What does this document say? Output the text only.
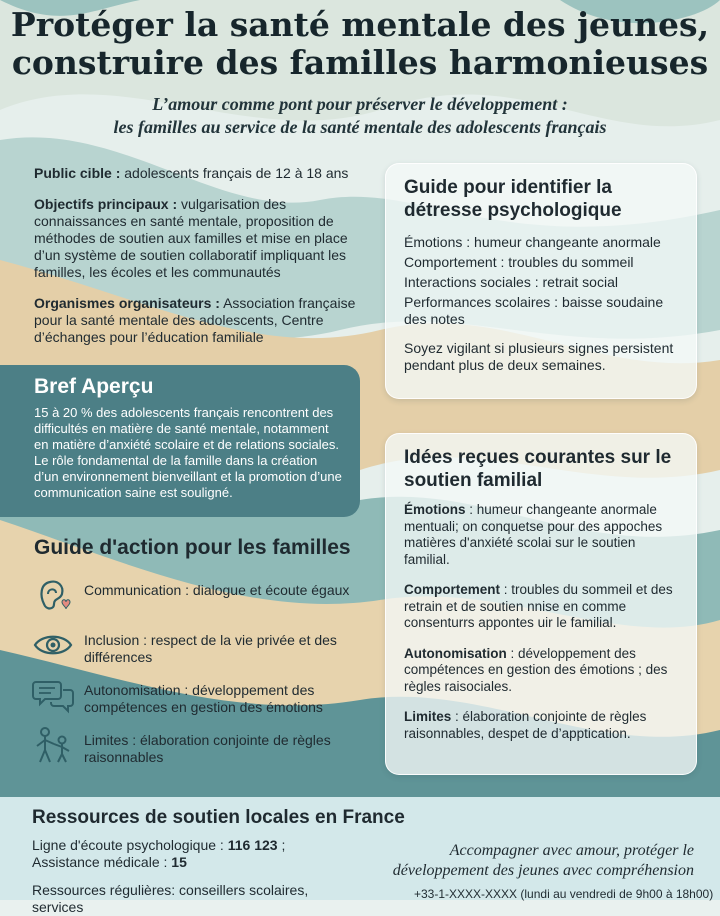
Protéger la santé mentale des jeunes,
construire des familles harmonieuses
L’amour comme pont pour préserver le développement :
les familles au service de la santé mentale des adolescents français

Public cible : adolescents français de 12 à 18 ans

Objectifs principaux : vulgarisation des connaissances en santé mentale, proposition de méthodes de soutien aux familles et mise en place d’un système de soutien collaboratif impliquant les familles, les écoles et les communautés

Organismes organisateurs : Association française pour la santé mentale des adolescents, Centre d’échanges pour l’éducation familiale

Bref Aperçu

15 à 20 % des adolescents français rencontrent des difficultés en matière de santé mentale, notamment en matière d’anxiété scolaire et de relations sociales. Le rôle fondamental de la famille dans la création d’un environnement bienveillant et la promotion d’une communication saine est souligné.

Guide d'action pour les familles
Communication : dialogue et écoute égaux
Inclusion : respect de la vie privée et des différences
Autonomisation : développement des compétences en gestion des émotions
Limites : élaboration conjointe de règles raisonnables
Guide pour identifier la détresse psychologique
Émotions : humeur changeante anormale
Comportement : troubles du sommeil
Interactions sociales : retrait social
Performances scolaires : baisse soudaine des notes
Soyez vigilant si plusieurs signes persistent pendant plus de deux semaines.
Idées reçues courantes sur le soutien familial
Émotions : humeur changeante anormale mentuali; on conquetse pour des appoches matières d'anxiété scolai sur le soutien familial.
Comportement : troubles du sommeil et des retrain et de soutien nnise en comme consenturrs appontes uir le familial.
Autonomisation : développement des compétences en gestion des émotions ; des règles raisociales.
Limites : élaboration conjointe de règles raisonnables, despet de d’apptication.
Ressources de soutien locales en France
Ligne d'écoute psychologique : 116 123 ;
Assistance médicale : 15
Ressources régulières: conseillers scolaires, services
Accompagner avec amour, protéger le
développement des jeunes avec compréhension
+33-1-XXXX-XXXX (lundi au vendredi de 9h00 à 18h00)
